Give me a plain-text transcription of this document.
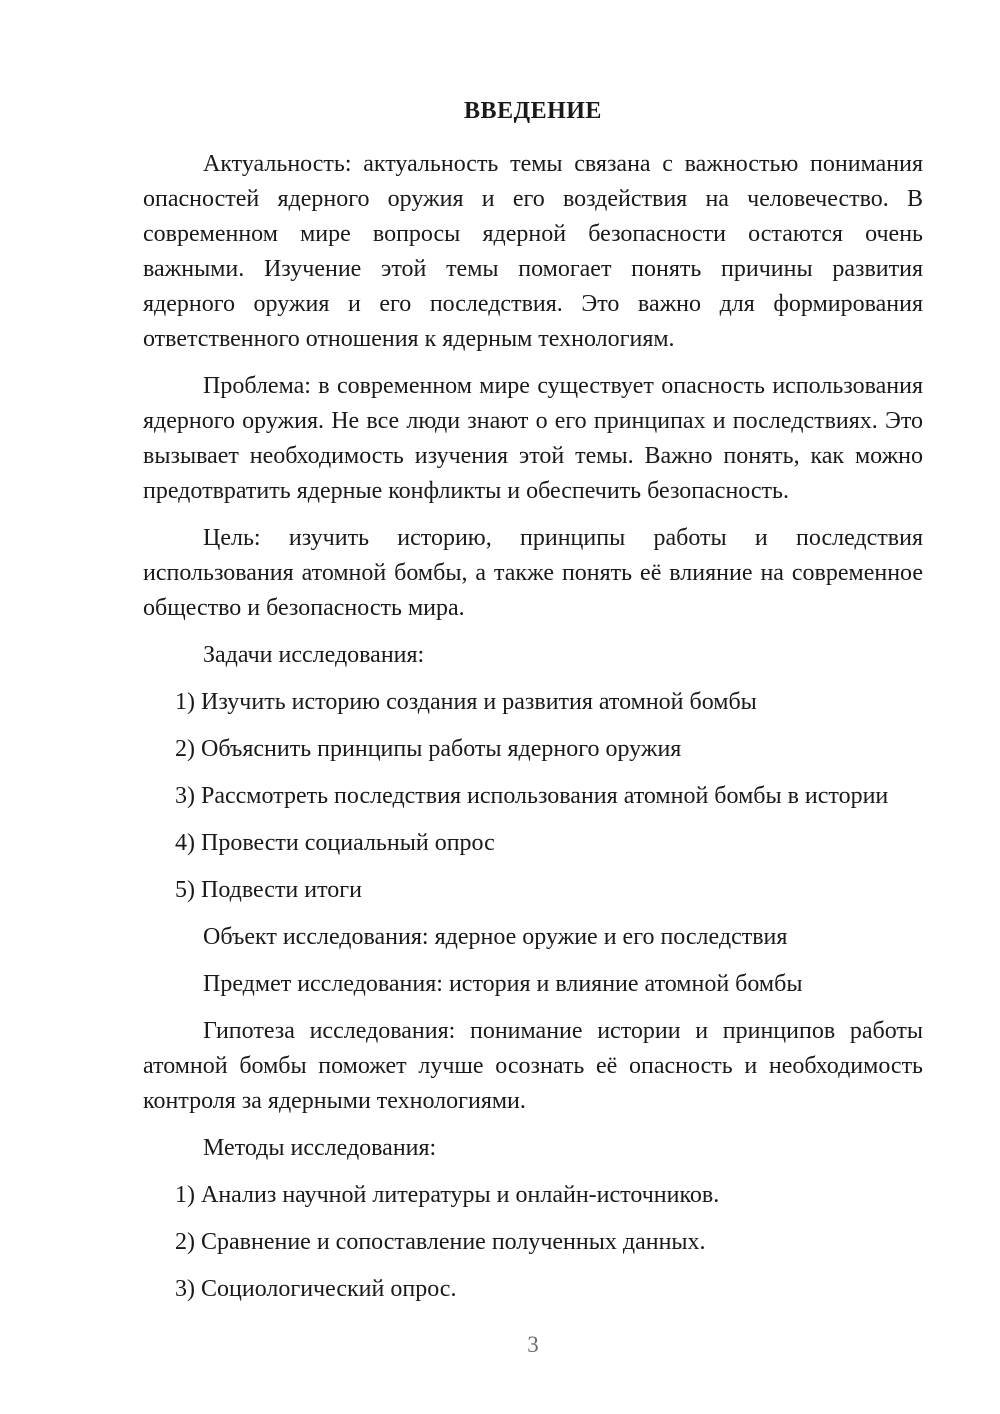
ВВЕДЕНИЕ

Актуальность: актуальность темы связана с важностью понимания опасностей ядерного оружия и его воздействия на человечество. В современном мире вопросы ядерной безопасности остаются очень важными. Изучение этой темы помогает понять причины развития ядерного оружия и его последствия. Это важно для формирования ответственного отношения к ядерным технологиям.

Проблема: в современном мире существует опасность использования ядерного оружия. Не все люди знают о его принципах и последствиях. Это вызывает необходимость изучения этой темы. Важно понять, как можно предотвратить ядерные конфликты и обеспечить безопасность.

Цель: изучить историю, принципы работы и последствия использования атомной бомбы, а также понять её влияние на современное общество и безопасность мира.

Задачи исследования:

1) Изучить историю создания и развития атомной бомбы

2) Объяснить принципы работы ядерного оружия

3) Рассмотреть последствия использования атомной бомбы в истории

4) Провести социальный опрос

5) Подвести итоги

Объект исследования: ядерное оружие и его последствия

Предмет исследования: история и влияние атомной бомбы

Гипотеза исследования: понимание истории и принципов работы атомной бомбы поможет лучше осознать её опасность и необходимость контроля за ядерными технологиями.

Методы исследования:

1) Анализ научной литературы и онлайн-источников.

2) Сравнение и сопоставление полученных данных.

3) Социологический опрос.

3
